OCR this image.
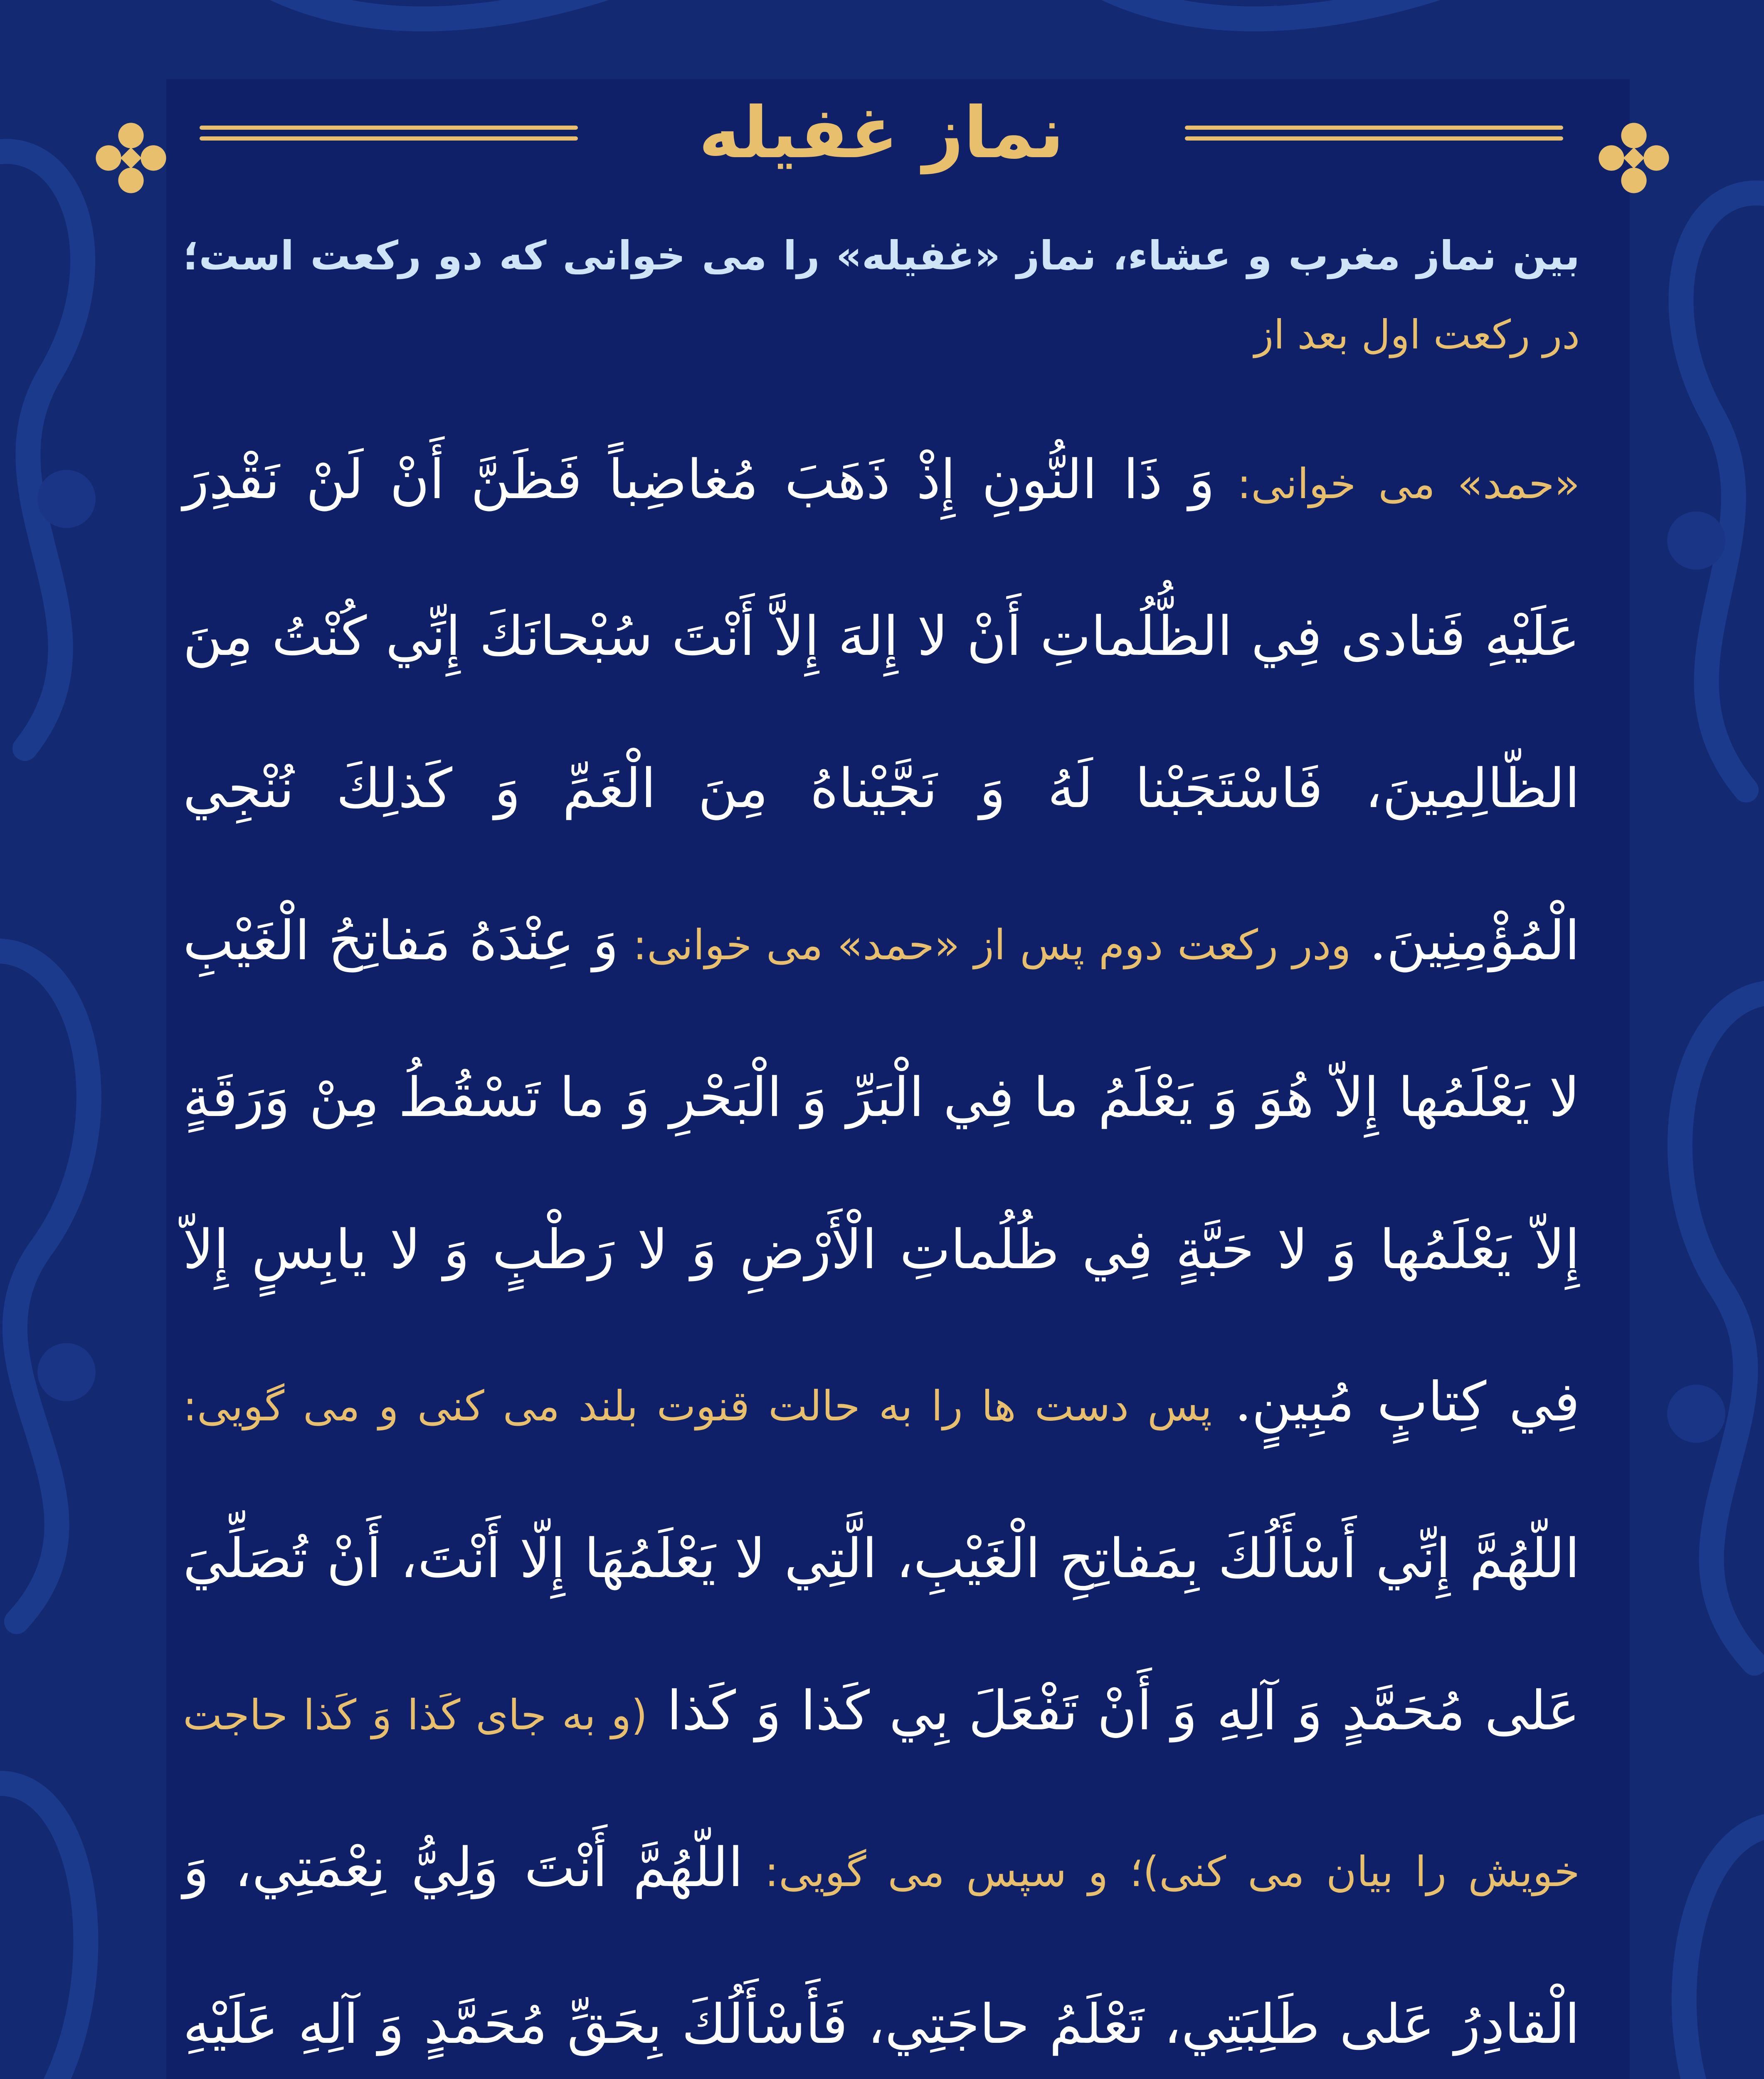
نماز غفیله

بین نماز مغرب و عشاء، نماز «غفیله» را می خوانی که دو رکعت است؛ در رکعت اول بعد از

«حمد» می خوانی: وَ ذَا النُّونِ إِذْ ذَهَبَ مُغاضِباً فَظَنَّ أَنْ لَنْ نَقْدِرَ عَلَيْهِ فَنادى فِي الظُّلُماتِ أَنْ لا إِلهَ إِلاَّ أَنْتَ سُبْحانَكَ إِنِّي كُنْتُ مِنَ الظّالِمِينَ، فَاسْتَجَبْنا لَهُ وَ نَجَّيْناهُ مِنَ الْغَمِّ وَ كَذلِكَ نُنْجِي الْمُؤْمِنِينَ. ودر رکعت دوم پس از «حمد» می خوانی: وَ عِنْدَهُ مَفاتِحُ الْغَيْبِ لا يَعْلَمُها إِلاّ هُوَ وَ يَعْلَمُ ما فِي الْبَرِّ وَ الْبَحْرِ وَ ما تَسْقُطُ مِنْ وَرَقَةٍ إِلاّ يَعْلَمُها وَ لا حَبَّةٍ فِي ظُلُماتِ الْأَرْضِ وَ لا رَطْبٍ وَ لا يابِسٍ إِلاّ فِي كِتابٍ مُبِينٍ. پس دست ها را به حالت قنوت بلند می کنی و می گویی: اللّهُمَّ إِنِّي أَسْأَلُكَ بِمَفاتِحِ الْغَيْبِ، الَّتِي لا يَعْلَمُهَا إِلّا أَنْتَ، أَنْ تُصَلِّيَ عَلى مُحَمَّدٍ وَ آلِهِ وَ أَنْ تَفْعَلَ بِي كَذا وَ كَذا (و به جای کَذا وَ کَذا حاجت خویش را بیان می کنی)؛ و سپس می گویی: اللّهُمَّ أَنْتَ وَلِيُّ نِعْمَتِي، وَ الْقادِرُ عَلى طَلِبَتِي، تَعْلَمُ حاجَتِي، فَأَسْأَلُكَ بِحَقِّ مُحَمَّدٍ وَ آلِهِ عَلَيْهِ
